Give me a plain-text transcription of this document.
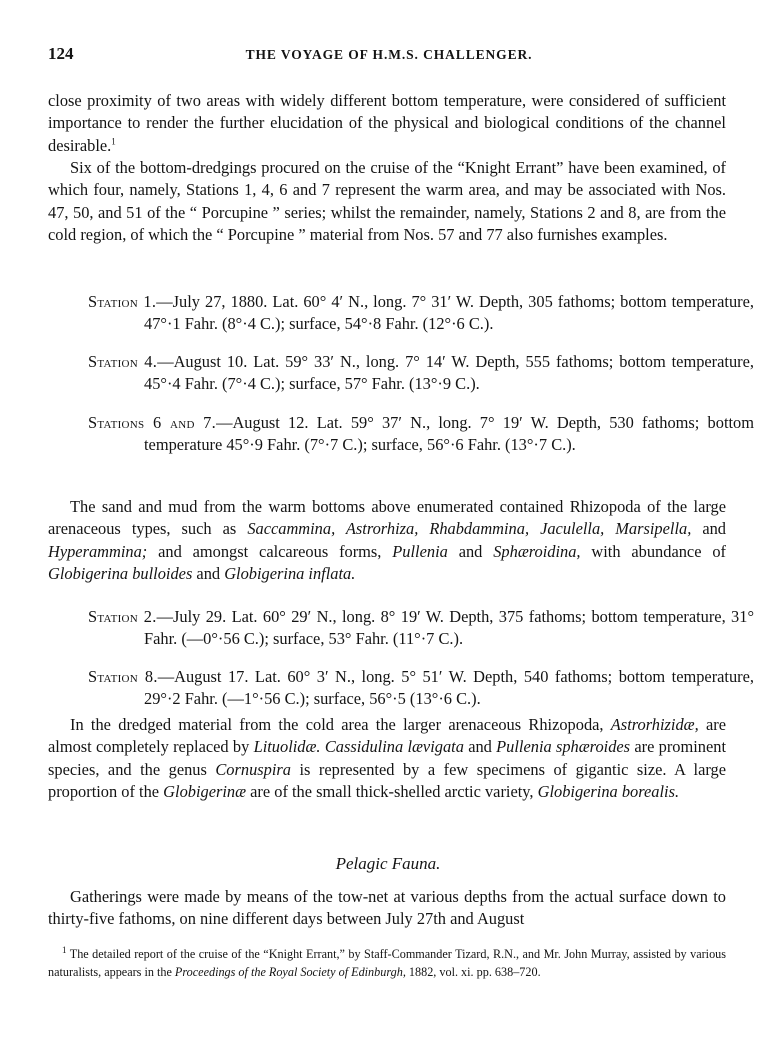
124	THE VOYAGE OF H.M.S. CHALLENGER.
close proximity of two areas with widely different bottom temperature, were considered of sufficient importance to render the further elucidation of the physical and biological conditions of the channel desirable.$^1$
Six of the bottom-dredgings procured on the cruise of the “Knight Errant” have been examined, of which four, namely, Stations 1, 4, 6 and 7 represent the warm area, and may be associated with Nos. 47, 50, and 51 of the “ Porcupine ” series; whilst the remainder, namely, Stations 2 and 8, are from the cold region, of which the “ Porcupine ” material from Nos. 57 and 77 also furnishes examples.
Station 1.—July 27, 1880. Lat. 60° 4′ N., long. 7° 31′ W. Depth, 305 fathoms; bottom temperature, 47°·1 Fahr. (8°·4 C.); surface, 54°·8 Fahr. (12°·6 C.).
Station 4.—August 10. Lat. 59° 33′ N., long. 7° 14′ W. Depth, 555 fathoms; bottom temperature, 45°·4 Fahr. (7°·4 C.); surface, 57° Fahr. (13°·9 C.).
Stations 6 and 7.—August 12. Lat. 59° 37′ N., long. 7° 19′ W. Depth, 530 fathoms; bottom temperature 45°·9 Fahr. (7°·7 C.); surface, 56°·6 Fahr. (13°·7 C.).
The sand and mud from the warm bottoms above enumerated contained Rhizopoda of the large arenaceous types, such as Saccammina, Astrorhiza, Rhabdammina, Jaculella, Marsipella, and Hyperammina; and amongst calcareous forms, Pullenia and Sphæroidina, with abundance of Globigerina bulloides and Globigerina inflata.
Station 2.—July 29. Lat. 60° 29′ N., long. 8° 19′ W. Depth, 375 fathoms; bottom temperature, 31° Fahr. (—0°·56 C.); surface, 53° Fahr. (11°·7 C.).
Station 8.—August 17. Lat. 60° 3′ N., long. 5° 51′ W. Depth, 540 fathoms; bottom temperature, 29°·2 Fahr. (—1°·56 C.); surface, 56°·5 (13°·6 C.).
In the dredged material from the cold area the larger arenaceous Rhizopoda, Astrorhizidæ, are almost completely replaced by Lituolidæ. Cassidulina lævigata and Pullenia sphæroides are prominent species, and the genus Cornuspira is represented by a few specimens of gigantic size. A large proportion of the Globigerinæ are of the small thick-shelled arctic variety, Globigerina borealis.
Pelagic Fauna.
Gatherings were made by means of the tow-net at various depths from the actual surface down to thirty-five fathoms, on nine different days between July 27th and August
$^1$ The detailed report of the cruise of the “Knight Errant,” by Staff-Commander Tizard, R.N., and Mr. John Murray, assisted by various naturalists, appears in the Proceedings of the Royal Society of Edinburgh, 1882, vol. xi. pp. 638–720.
